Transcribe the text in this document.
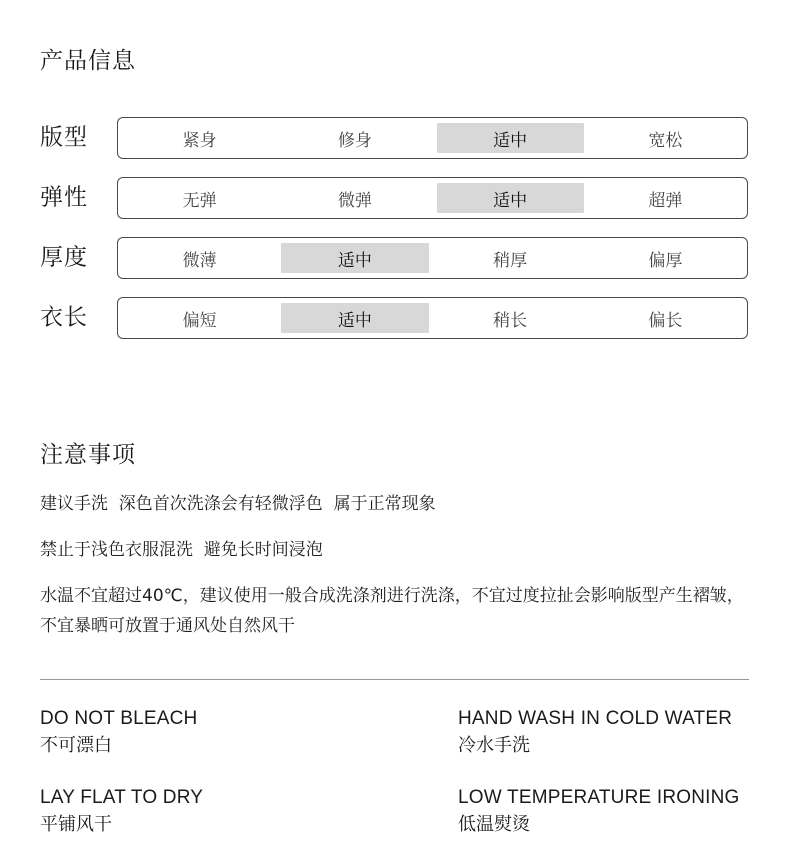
产品信息
版型	紧身	修身	适中	宽松
弹性	无弹	微弹	适中	超弹
厚度	微薄	适中	稍厚	偏厚
衣长	偏短	适中	稍长	偏长
注意事项

建议手洗  深色首次洗涤会有轻微浮色  属于正常现象

禁止于浅色衣服混洗  避免长时间浸泡

水温不宜超过40℃，建议使用一般合成洗涤剂进行洗涤，不宜过度拉扯会影响版型产生褶皱，不宜暴晒可放置于通风处自然风干

DO NOT BLEACH
不可漂白
HAND WASH IN COLD WATER
冷水手洗
LAY FLAT TO DRY
平铺风干
LOW TEMPERATURE IRONING
低温熨烫
